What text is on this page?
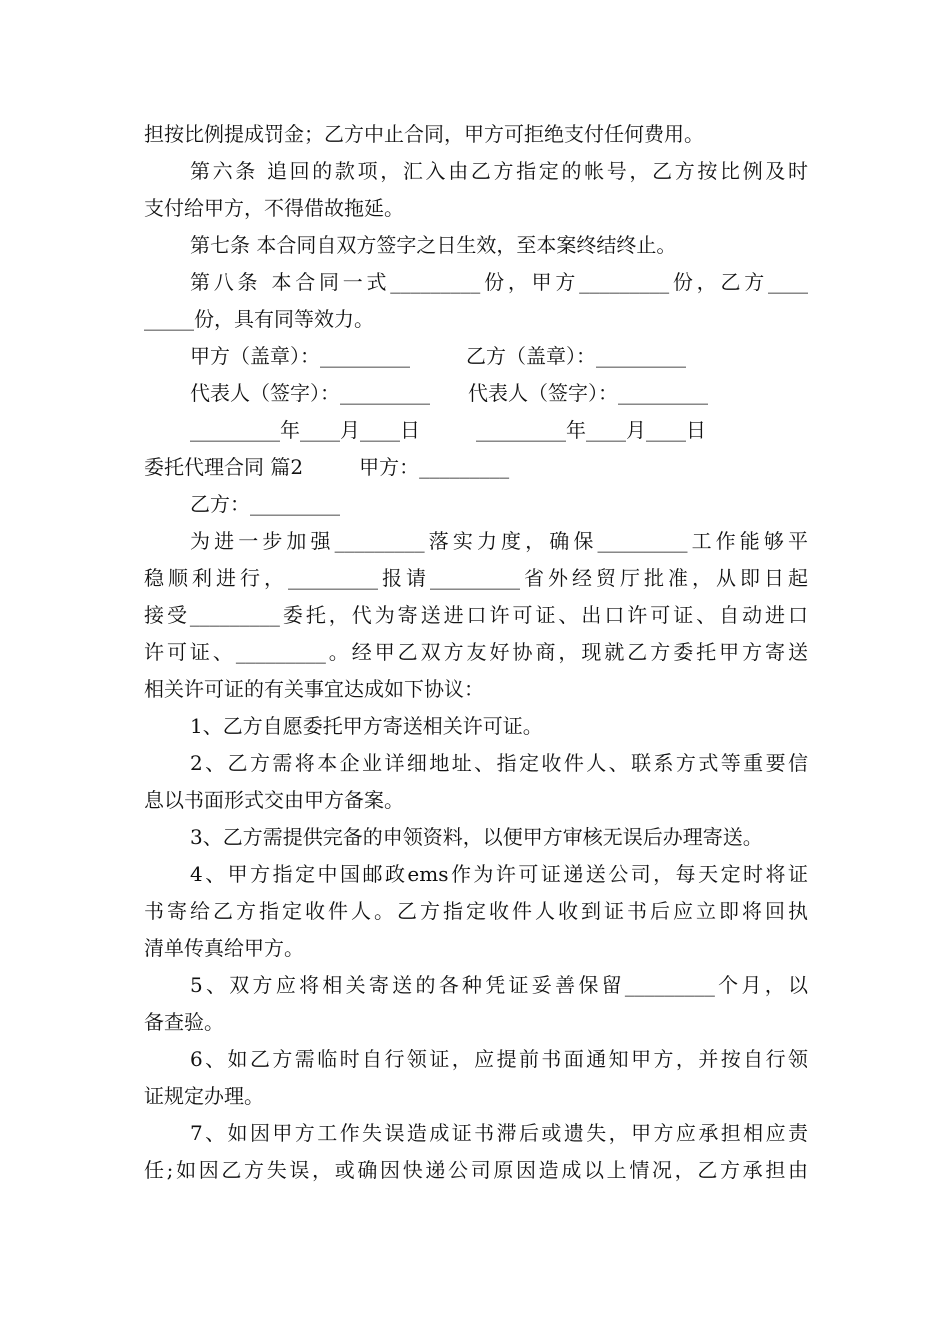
担按比例提成罚金；乙方中止合同，甲方可拒绝支付任何费用。
第六条 追回的款项，汇入由乙方指定的帐号，乙方按比例及时
支付给甲方，不得借故拖延。
第七条 本合同自双方签字之日生效，至本案终结终止。
第八条 本合同一式_________份，甲方_________份，乙方____
_____份，具有同等效力。
甲方（盖章）：_________	乙方（盖章）：_________
代表人（签字）：_________ 代表人（签字）：_________
_________年____月____日	_________年____月____日
委托代理合同 篇2	甲方：_________
乙方：_________
为进一步加强_________落实力度，确保_________工作能够平
稳顺利进行，_________报请_________省外经贸厅批准，从即日起
接受_________委托，代为寄送进口许可证、出口许可证、自动进口
许可证、_________。经甲乙双方友好协商，现就乙方委托甲方寄送
相关许可证的有关事宜达成如下协议：
1、乙方自愿委托甲方寄送相关许可证。
2、乙方需将本企业详细地址、指定收件人、联系方式等重要信
息以书面形式交由甲方备案。
3、乙方需提供完备的申领资料，以便甲方审核无误后办理寄送。
4、甲方指定中国邮政ems作为许可证递送公司，每天定时将证
书寄给乙方指定收件人。乙方指定收件人收到证书后应立即将回执
清单传真给甲方。
5、双方应将相关寄送的各种凭证妥善保留_________个月，以
备查验。
6、如乙方需临时自行领证，应提前书面通知甲方，并按自行领
证规定办理。
7、如因甲方工作失误造成证书滞后或遗失，甲方应承担相应责
任;如因乙方失误，或确因快递公司原因造成以上情况，乙方承担由
